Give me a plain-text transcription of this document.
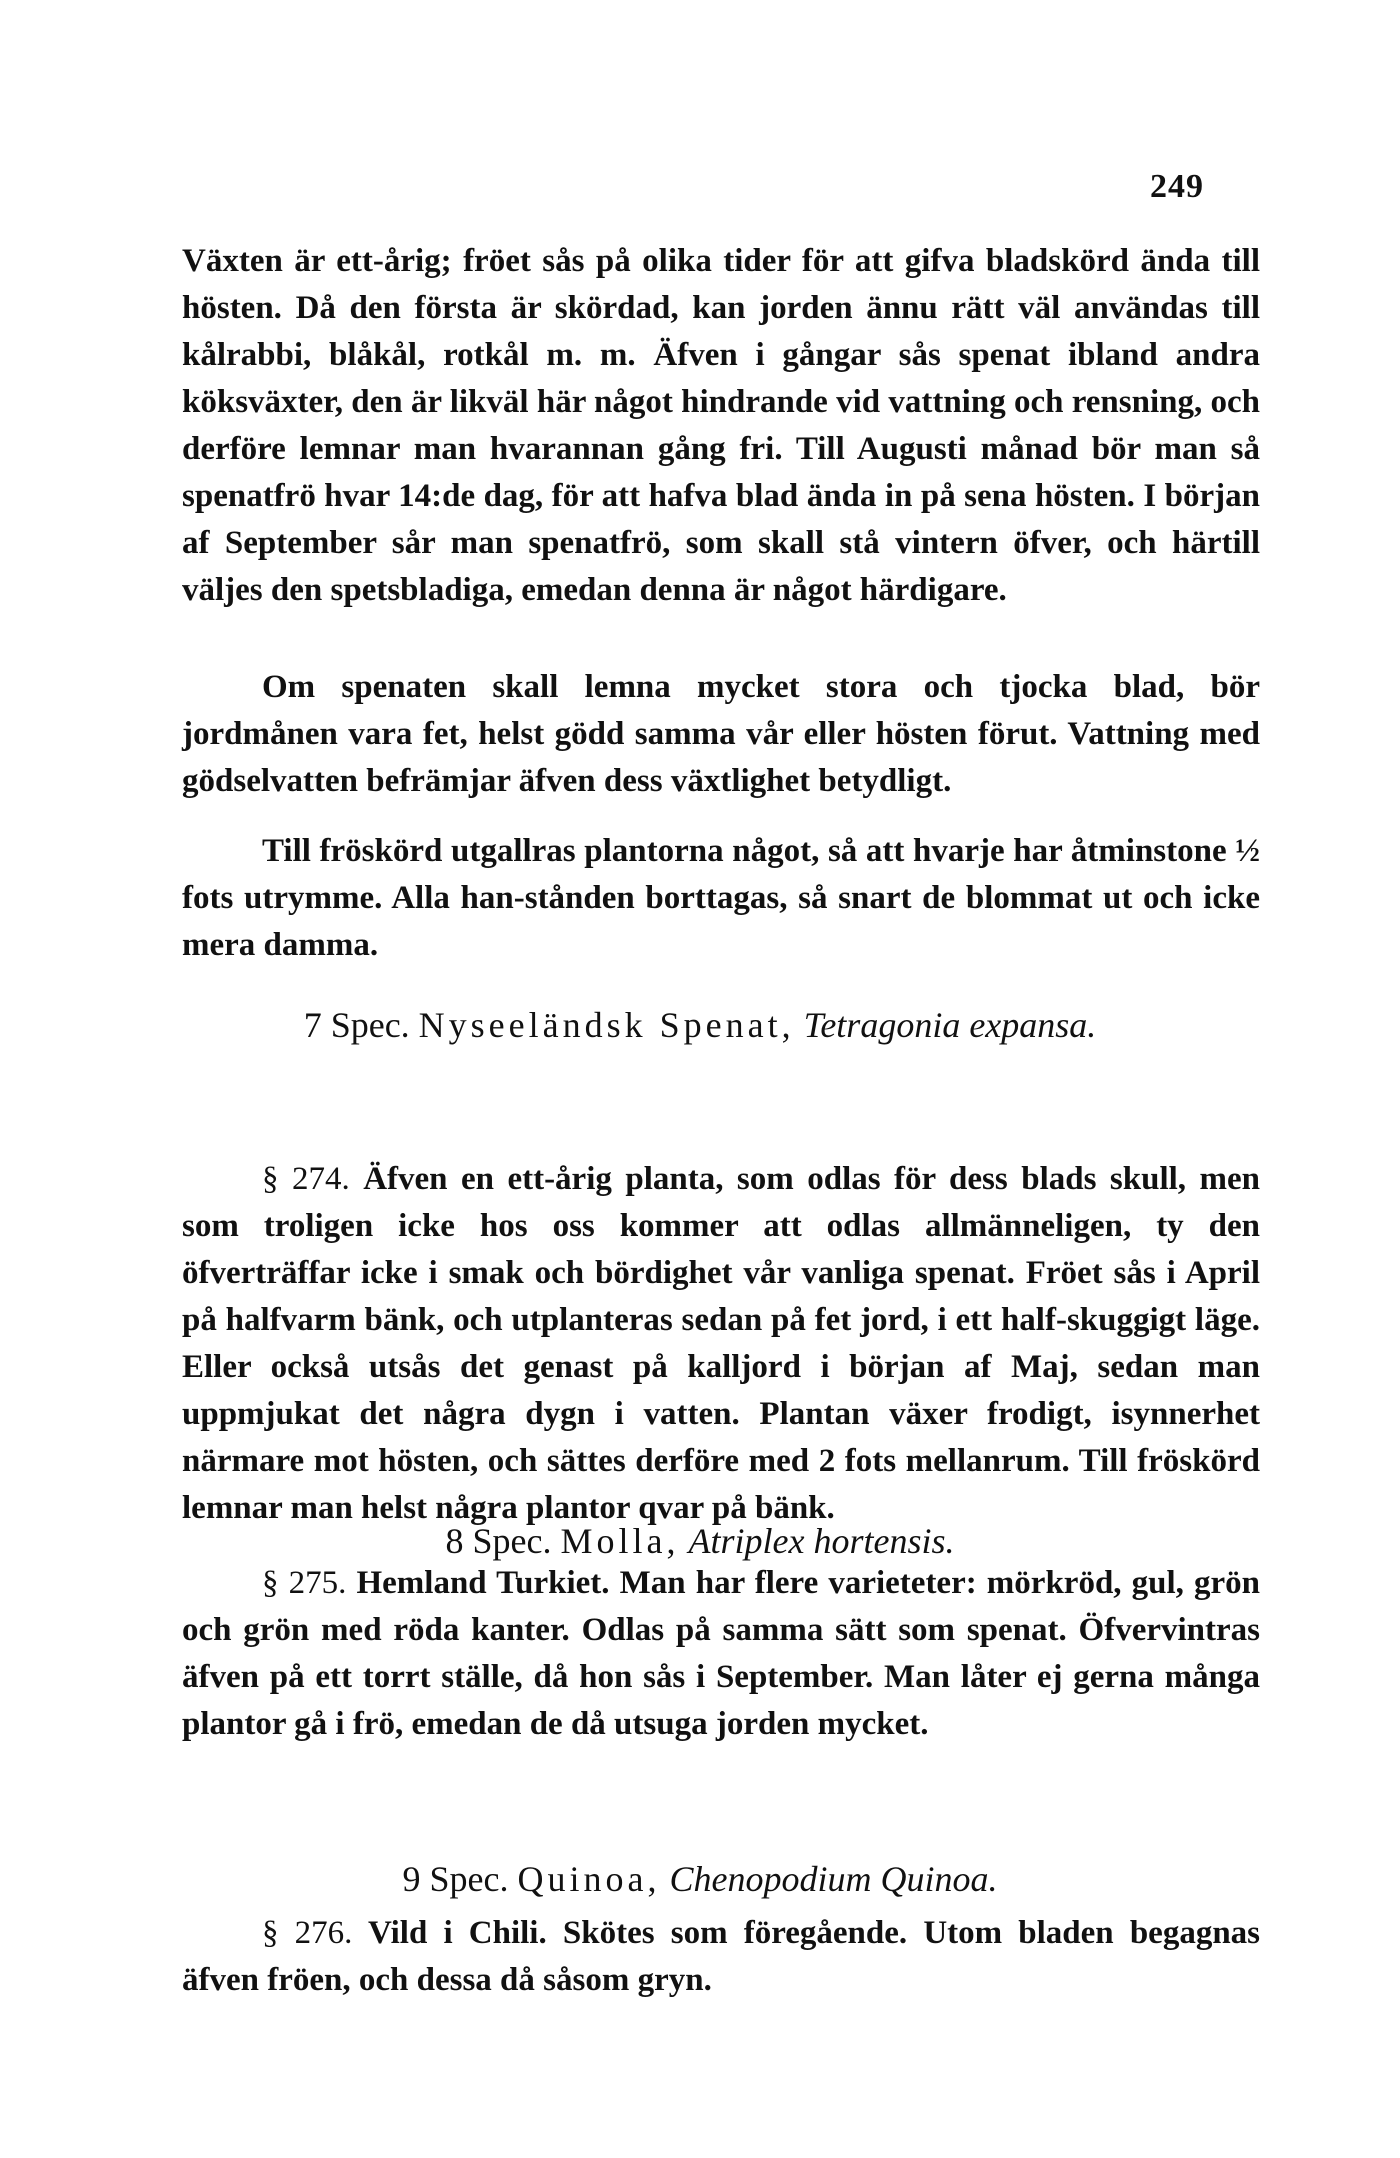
249
Växten är ett-årig; fröet sås på olika tider för att gifva bladskörd ända till hösten. Då den första är skördad, kan jorden ännu rätt väl användas till kålrabbi, blåkål, rotkål m. m. Äfven i gångar sås spenat ibland andra köksväxter, den är likväl här något hindrande vid vattning och rensning, och derföre lemnar man hvarannan gång fri. Till Augusti månad bör man så spenatfrö hvar 14:de dag, för att hafva blad ända in på sena hösten. I början af September sår man spenatfrö, som skall stå vintern öfver, och härtill väljes den spetsbladiga, emedan denna är något härdigare.
Om spenaten skall lemna mycket stora och tjocka blad, bör jordmånen vara fet, helst gödd samma vår eller hösten förut. Vattning med gödselvatten befrämjar äfven dess växtlighet betydligt.
Till fröskörd utgallras plantorna något, så att hvarje har åtminstone ½ fots utrymme. Alla han-stånden borttagas, så snart de blommat ut och icke mera damma.
7 Spec. Nyseeländsk Spenat, Tetragonia expansa.
§ 274. Äfven en ett-årig planta, som odlas för dess blads skull, men som troligen icke hos oss kommer att odlas allmänneligen, ty den öfverträffar icke i smak och bördighet vår vanliga spenat. Fröet sås i April på halfvarm bänk, och utplanteras sedan på fet jord, i ett half-skuggigt läge. Eller också utsås det genast på kalljord i början af Maj, sedan man uppmjukat det några dygn i vatten. Plantan växer frodigt, isynnerhet närmare mot hösten, och sättes derföre med 2 fots mellanrum. Till fröskörd lemnar man helst några plantor qvar på bänk.
8 Spec. Molla, Atriplex hortensis.
§ 275. Hemland Turkiet. Man har flere varieteter: mörkröd, gul, grön och grön med röda kanter. Odlas på samma sätt som spenat. Öfvervintras äfven på ett torrt ställe, då hon sås i September. Man låter ej gerna många plantor gå i frö, emedan de då utsuga jorden mycket.
9 Spec. Quinoa, Chenopodium Quinoa.
§ 276. Vild i Chili. Skötes som föregående. Utom bladen begagnas äfven fröen, och dessa då såsom gryn.
